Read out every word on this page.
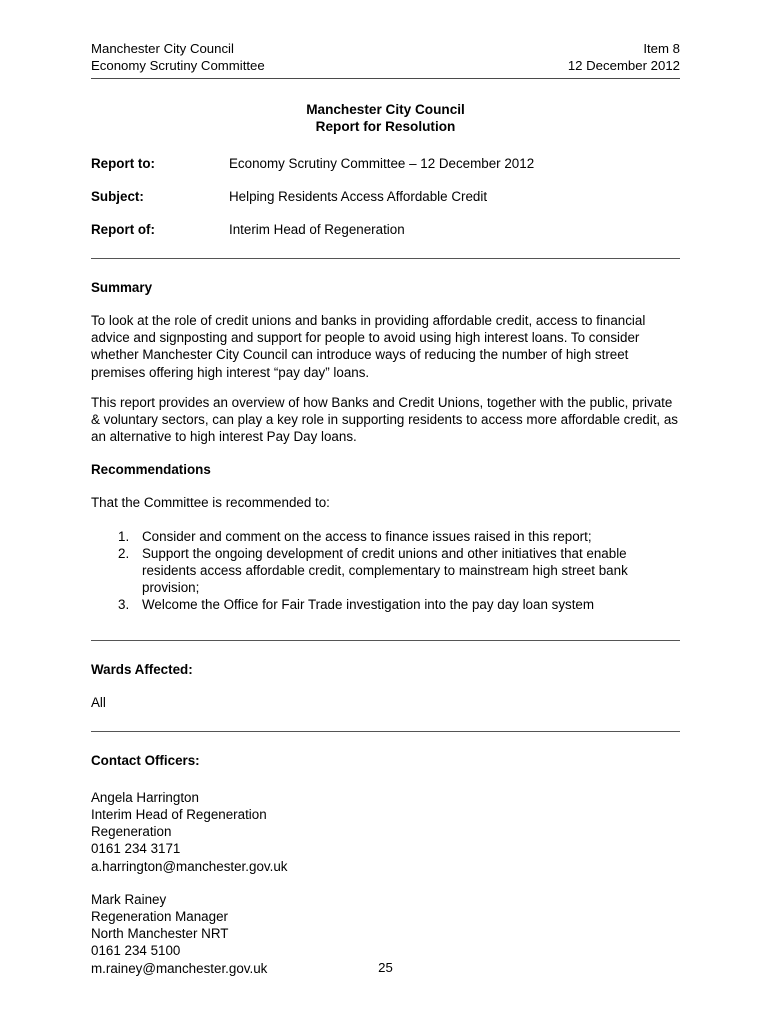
Manchester City Council	Item 8
Economy Scrutiny Committee	12 December 2012
Manchester City Council
Report for Resolution
Report to:	Economy Scrutiny Committee – 12 December 2012
Subject:	Helping Residents Access Affordable Credit
Report of:	Interim Head of Regeneration
Summary

To look at the role of credit unions and banks in providing affordable credit, access to financial advice and signposting and support for people to avoid using high interest loans. To consider whether Manchester City Council can introduce ways of reducing the number of high street premises offering high interest “pay day” loans.

This report provides an overview of how Banks and Credit Unions, together with the public, private & voluntary sectors, can play a key role in supporting residents to access more affordable credit, as an alternative to high interest Pay Day loans.

Recommendations

That the Committee is recommended to:

1. Consider and comment on the access to finance issues raised in this report;
2. Support the ongoing development of credit unions and other initiatives that enable residents access affordable credit, complementary to mainstream high street bank provision;
3. Welcome the Office for Fair Trade investigation into the pay day loan system
Wards Affected:

All

Contact Officers:
Angela Harrington
Interim Head of Regeneration
Regeneration
0161 234 3171
a.harrington@manchester.gov.uk
Mark Rainey
Regeneration Manager
North Manchester NRT
0161 234 5100
m.rainey@manchester.gov.uk	25
